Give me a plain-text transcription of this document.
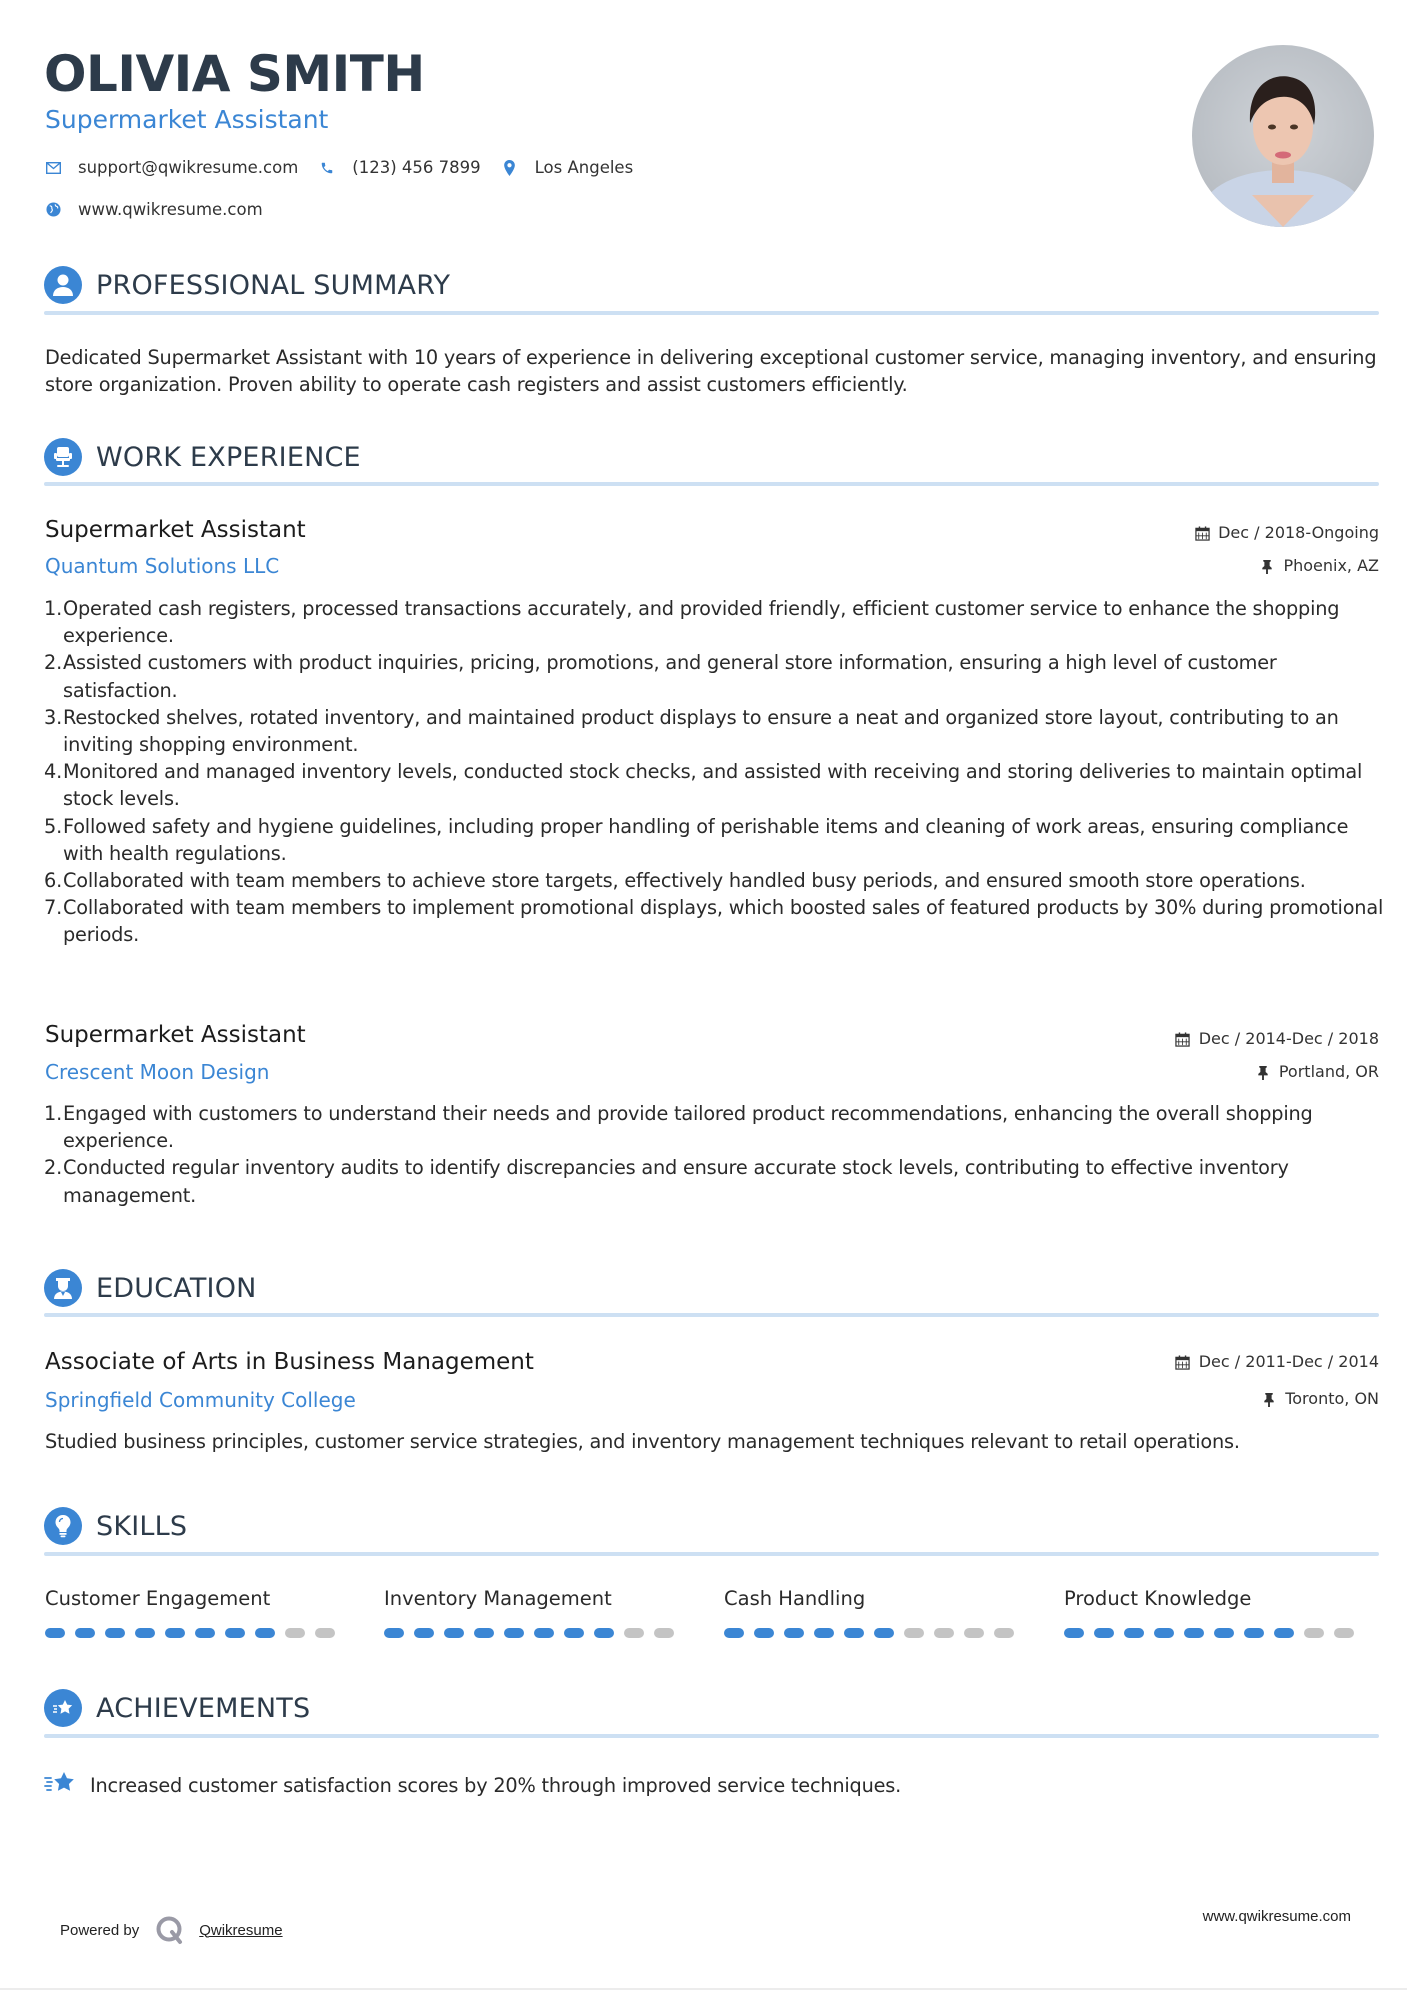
OLIVIA SMITH
Supermarket Assistant
support@qwikresume.com	(123) 456 7899	Los Angeles
www.qwikresume.com
PROFESSIONAL SUMMARY
Dedicated Supermarket Assistant with 10 years of experience in delivering exceptional customer service, managing inventory, and ensuring store organization. Proven ability to operate cash registers and assist customers efficiently.
WORK EXPERIENCE
Supermarket Assistant
Quantum Solutions LLC
Dec / 2018-Ongoing
Phoenix, AZ
1. Operated cash registers, processed transactions accurately, and provided friendly, efficient customer service to enhance the shopping experience.
2. Assisted customers with product inquiries, pricing, promotions, and general store information, ensuring a high level of customer satisfaction.
3. Restocked shelves, rotated inventory, and maintained product displays to ensure a neat and organized store layout, contributing to an inviting shopping environment.
4. Monitored and managed inventory levels, conducted stock checks, and assisted with receiving and storing deliveries to maintain optimal stock levels.
5. Followed safety and hygiene guidelines, including proper handling of perishable items and cleaning of work areas, ensuring compliance with health regulations.
6. Collaborated with team members to achieve store targets, effectively handled busy periods, and ensured smooth store operations.
7. Collaborated with team members to implement promotional displays, which boosted sales of featured products by 30% during promotional periods.
Supermarket Assistant
Crescent Moon Design
Dec / 2014-Dec / 2018
Portland, OR
1. Engaged with customers to understand their needs and provide tailored product recommendations, enhancing the overall shopping experience.
2. Conducted regular inventory audits to identify discrepancies and ensure accurate stock levels, contributing to effective inventory management.
EDUCATION
Associate of Arts in Business Management
Springfield Community College
Dec / 2011-Dec / 2014
Toronto, ON
Studied business principles, customer service strategies, and inventory management techniques relevant to retail operations.
SKILLS
Customer Engagement	Inventory Management	Cash Handling	Product Knowledge
ACHIEVEMENTS
Increased customer satisfaction scores by 20% through improved service techniques.
Powered by	Qwikresume
www.qwikresume.com
